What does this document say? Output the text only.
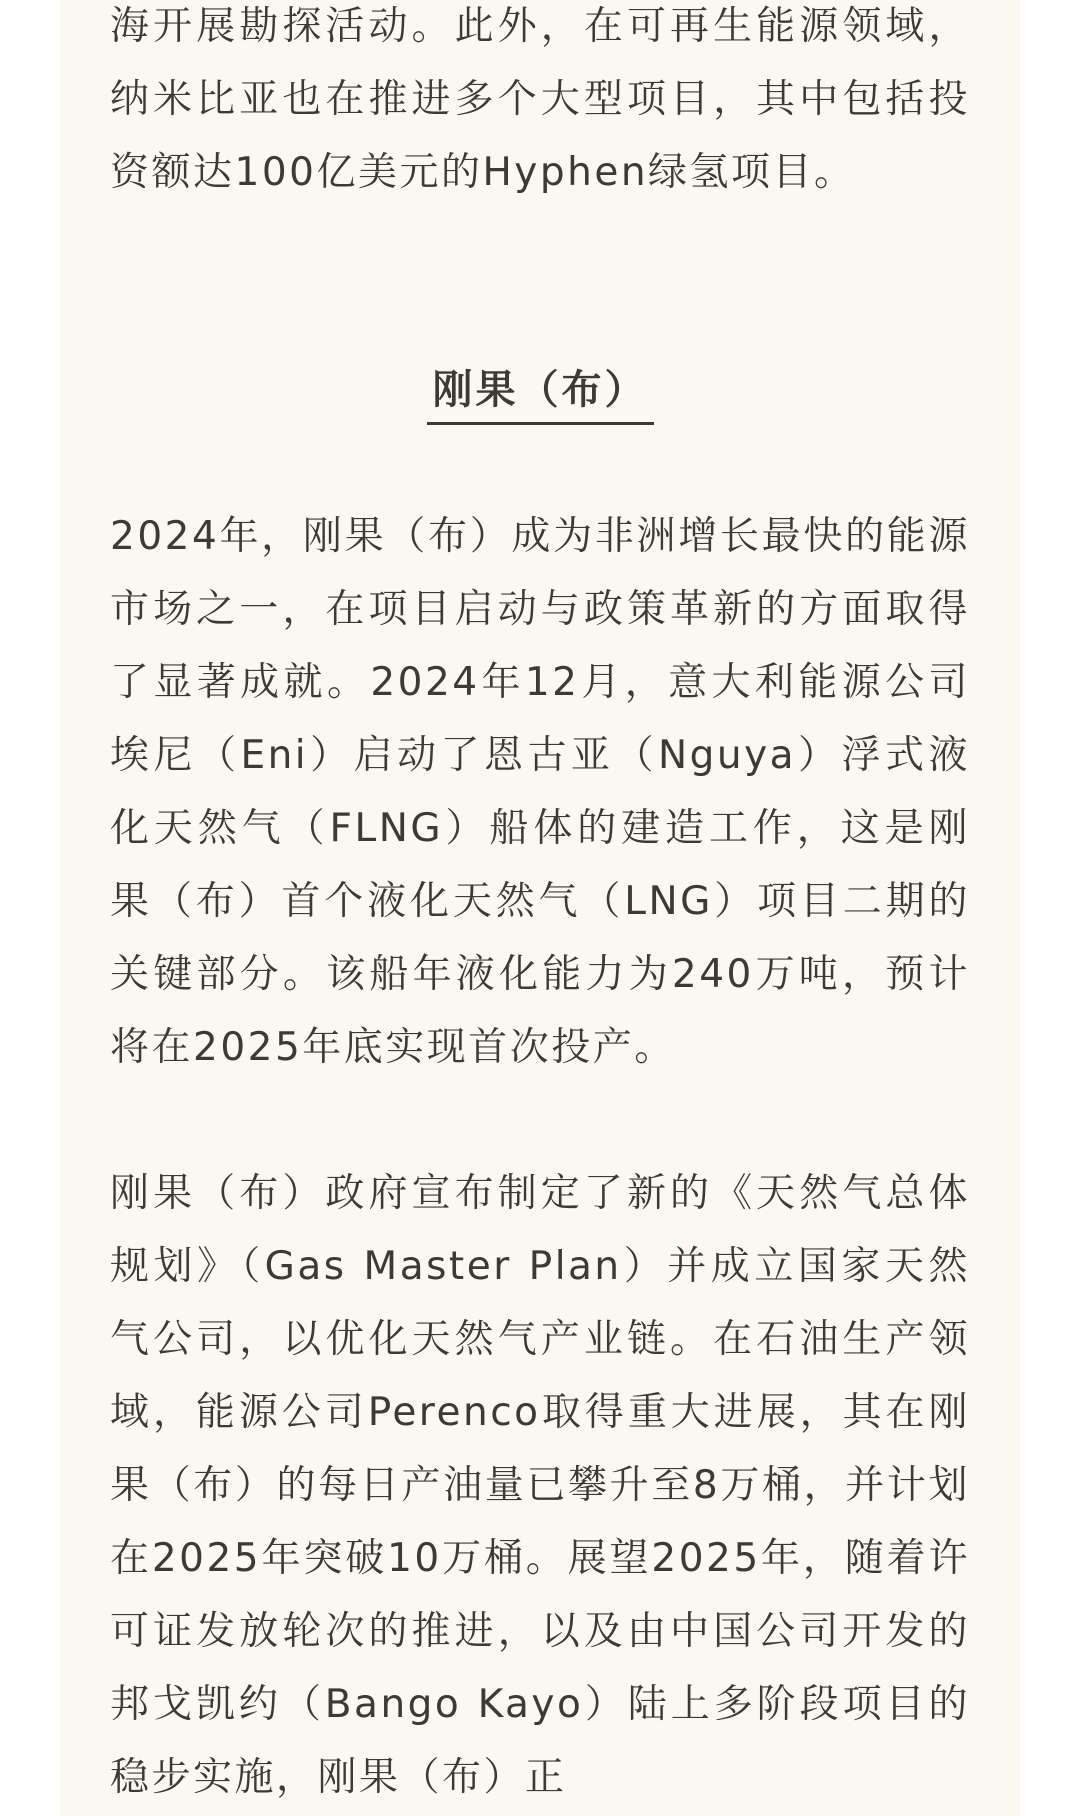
海开展勘探活动。此外，在可再生能源领域，纳米比亚也在推进多个大型项目，其中包括投资额达100亿美元的Hyphen绿氢项目。

刚果（布）

2024年，刚果（布）成为非洲增长最快的能源市场之一，在项目启动与政策革新的方面取得了显著成就。2024年12月，意大利能源公司埃尼（Eni）启动了恩古亚（Nguya）浮式液化天然气（FLNG）船体的建造工作，这是刚果（布）首个液化天然气（LNG）项目二期的关键部分。该船年液化能力为240万吨，预计将在2025年底实现首次投产。

刚果（布）政府宣布制定了新的《天然气总体规划》（Gas Master Plan）并成立国家天然气公司，以优化天然气产业链。在石油生产领域，能源公司Perenco取得重大进展，其在刚果（布）的每日产油量已攀升至8万桶，并计划在2025年突破10万桶。展望2025年，随着许可证发放轮次的推进，以及由中国公司开发的邦戈凯约（Bango Kayo）陆上多阶段项目的稳步实施，刚果（布）正
